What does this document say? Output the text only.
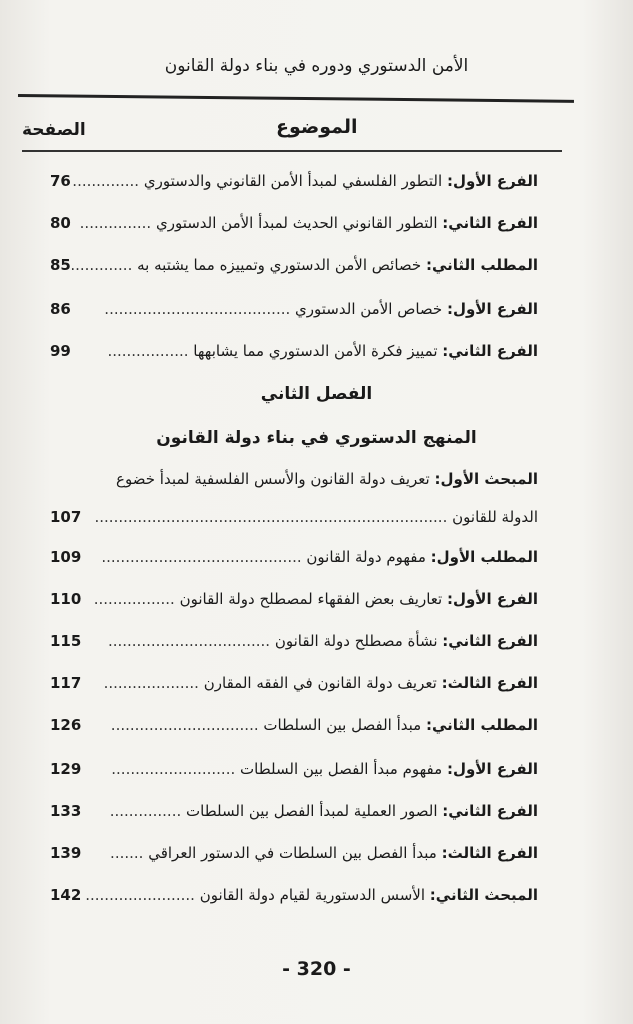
الأمن الدستوري ودوره في بناء دولة القانون
الصفحة	الموضوع
76	الفرع الأول: التطور الفلسفي لمبدأ الأمن القانوني والدستوري ..............
80	الفرع الثاني: التطور القانوني الحديث لمبدأ الأمن الدستوري ...............
85	المطلب الثاني: خصائص الأمن الدستوري وتمييزه مما يشتبه به .............
86	الفرع الأول: خصاص الأمن الدستوري .......................................
99	الفرع الثاني: تمييز فكرة الأمن الدستوري مما يشابهها .................
الفصل الثاني
المنهج الدستوري في بناء دولة القانون
المبحث الأول: تعريف دولة القانون والأسس الفلسفية لمبدأ خضوع
107	الدولة للقانون ..........................................................................
109	المطلب الأول: مفهوم دولة القانون ..........................................
110	الفرع الأول: تعاريف بعض الفقهاء لمصطلح دولة القانون .................
115	الفرع الثاني: نشأة مصطلح دولة القانون ..................................
117	الفرع الثالث: تعريف دولة القانون في الفقه المقارن ....................
126	المطلب الثاني: مبدأ الفصل بين السلطات ...............................
129	الفرع الأول: مفهوم مبدأ الفصل بين السلطات ..........................
133	الفرع الثاني: الصور العملية لمبدأ الفصل بين السلطات ...............
139	الفرع الثالث: مبدأ الفصل بين السلطات في الدستور العراقي .......
142	المبحث الثاني: الأسس الدستورية لقيام دولة القانون .......................
- 320 -
